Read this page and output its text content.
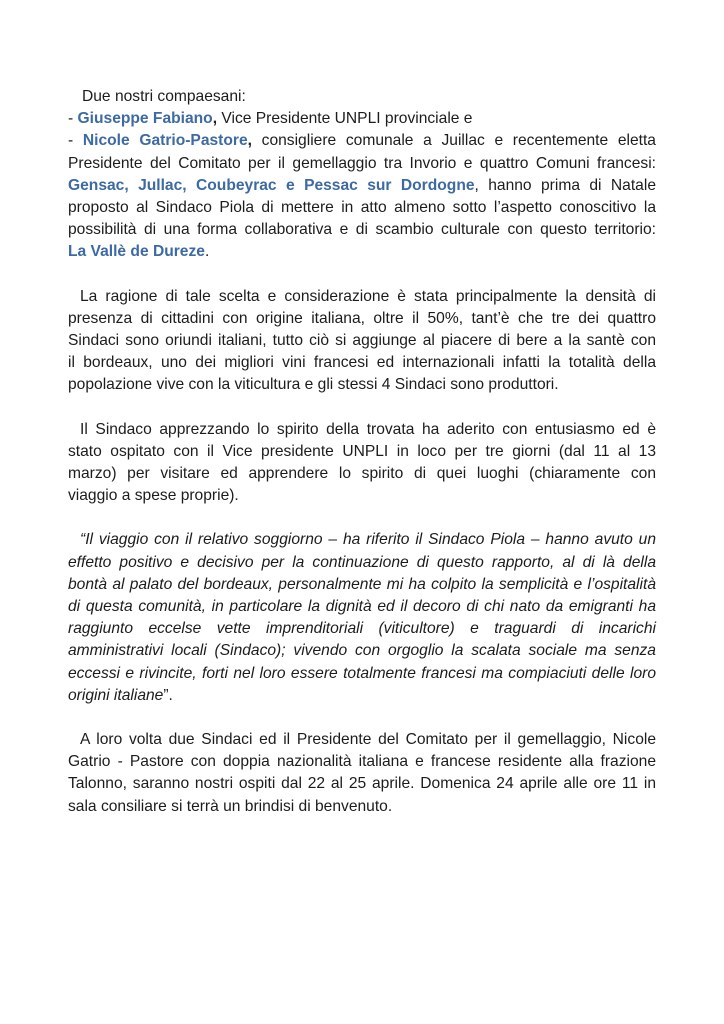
Due nostri compaesani:
- Giuseppe Fabiano, Vice Presidente UNPLI provinciale e
- Nicole Gatrio-Pastore, consigliere comunale a Juillac e recentemente eletta
Presidente del Comitato per il gemellaggio tra Invorio e quattro Comuni francesi:
Gensac, Jullac, Coubeyrac e Pessac sur Dordogne, hanno prima di Natale
proposto al Sindaco Piola di mettere in atto almeno sotto l’aspetto conoscitivo la
possibilità di una forma collaborativa e di scambio culturale con questo territorio:
La Vallè de Dureze.
La ragione di tale scelta e considerazione è stata principalmente la densità di
presenza di cittadini con origine italiana, oltre il 50%, tant’è che tre dei quattro
Sindaci sono oriundi italiani, tutto ciò si aggiunge al piacere di bere a la santè con
il bordeaux, uno dei migliori vini francesi ed internazionali infatti la totalità della
popolazione vive con la viticultura e gli stessi 4 Sindaci sono produttori.
Il Sindaco apprezzando lo spirito della trovata ha aderito con entusiasmo ed è
stato ospitato con il Vice presidente UNPLI in loco per tre giorni (dal 11 al 13
marzo) per visitare ed apprendere lo spirito di quei luoghi (chiaramente con
viaggio a spese proprie).
“Il viaggio con il relativo soggiorno – ha riferito il Sindaco Piola – hanno avuto un
effetto positivo e decisivo per la continuazione di questo rapporto, al di là della
bontà al palato del bordeaux, personalmente mi ha colpito la semplicità e l’ospitalità
di questa comunità, in particolare la dignità ed il decoro di chi nato da emigranti ha
raggiunto eccelse vette imprenditoriali (viticultore) e traguardi di incarichi
amministrativi locali (Sindaco); vivendo con orgoglio la scalata sociale ma senza
eccessi e rivincite, forti nel loro essere totalmente francesi ma compiaciuti delle loro
origini italiane”.
A loro volta due Sindaci ed il Presidente del Comitato per il gemellaggio, Nicole
Gatrio - Pastore con doppia nazionalità italiana e francese residente alla frazione
Talonno, saranno nostri ospiti dal 22 al 25 aprile. Domenica 24 aprile alle ore 11 in
sala consiliare si terrà un brindisi di benvenuto.
